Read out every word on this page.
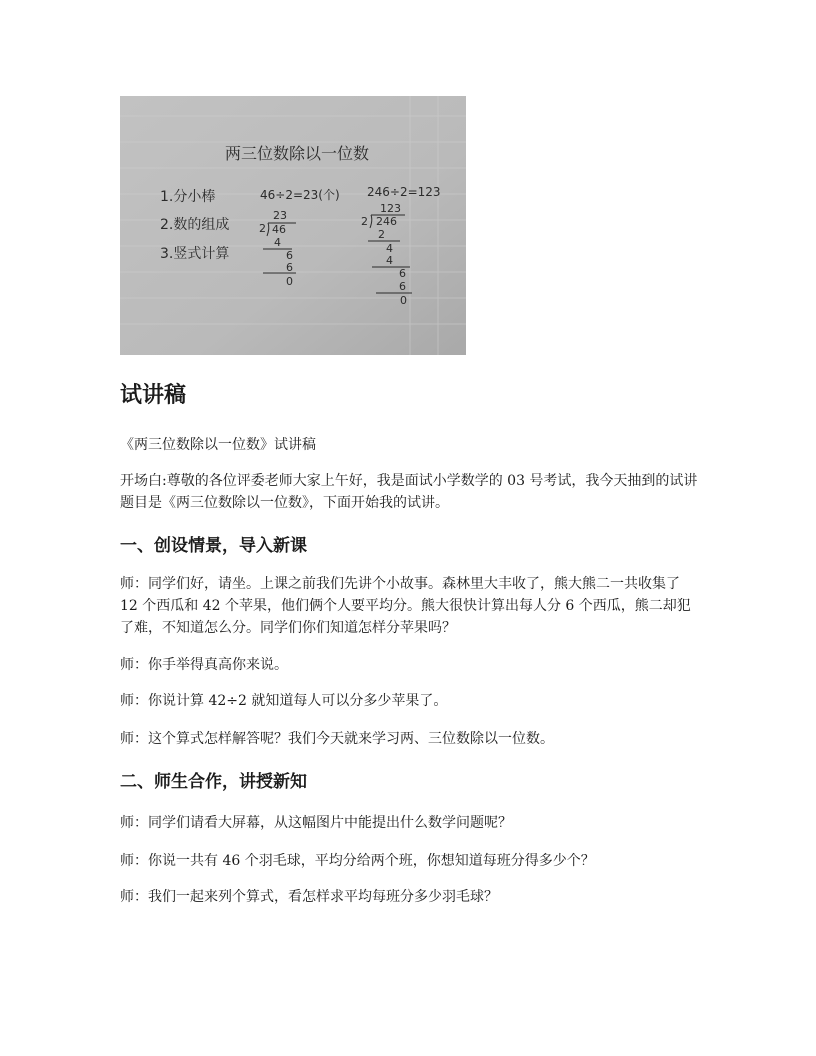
两三位数除以一位数
1.分小棒
2.数的组成
3.竖式计算
46÷2=23(个)
23
2 46
4
6
6
0
246÷2=123
123
2 246
2
4
4
6
6
0
试讲稿

《两三位数除以一位数》试讲稿

开场白:尊敬的各位评委老师大家上午好，我是面试小学数学的 03 号考试，我今天抽到的试讲题目是《两三位数除以一位数》，下面开始我的试讲。

一、创设情景，导入新课

师：同学们好，请坐。上课之前我们先讲个小故事。森林里大丰收了，熊大熊二一共收集了 12 个西瓜和 42 个苹果，他们俩个人要平均分。熊大很快计算出每人分 6 个西瓜，熊二却犯了难，不知道怎么分。同学们你们知道怎样分苹果吗？

师：你手举得真高你来说。

师：你说计算 42÷2 就知道每人可以分多少苹果了。

师：这个算式怎样解答呢？我们今天就来学习两、三位数除以一位数。

二、师生合作，讲授新知

师：同学们请看大屏幕，从这幅图片中能提出什么数学问题呢？

师：你说一共有 46 个羽毛球，平均分给两个班，你想知道每班分得多少个？

师：我们一起来列个算式，看怎样求平均每班分多少羽毛球？
